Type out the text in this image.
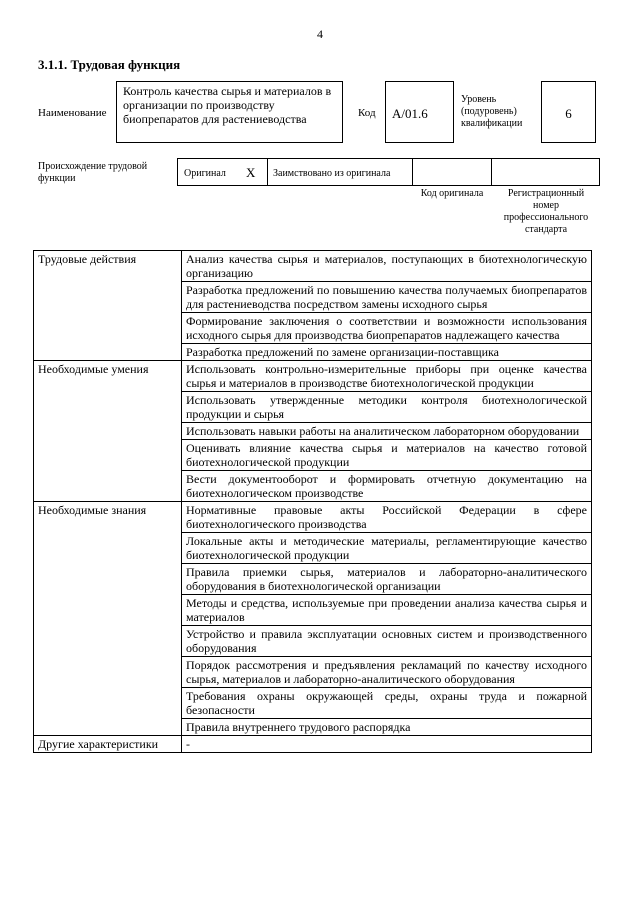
4
3.1.1. Трудовая функция
Наименование
Контроль качества сырья и материалов в организации по производству биопрепаратов для растениеводства	Код А/01.6
Уровень (подуровень) квалификации
6
Происхождение трудовой функции	Оригинал X Заимствовано из оригинала
Код оригинала	Регистрационный номер профессионального стандарта
Трудовые действия	Анализ качества сырья и материалов, поступающих в биотехнологическую организацию
	Разработка предложений по повышению качества получаемых биопрепаратов для растениеводства посредством замены исходного сырья
	Формирование заключения о соответствии и возможности использования исходного сырья для производства биопрепаратов надлежащего качества
	Разработка предложений по замене организации-поставщика
Необходимые умения	Использовать контрольно-измерительные приборы при оценке качества сырья и материалов в производстве биотехнологической продукции
	Использовать утвержденные методики контроля биотехнологической продукции и сырья
	Использовать навыки работы на аналитическом лабораторном оборудовании
	Оценивать влияние качества сырья и материалов на качество готовой биотехнологической продукции
	Вести документооборот и формировать отчетную документацию на биотехнологическом производстве
Необходимые знания	Нормативные правовые акты Российской Федерации в сфере биотехнологического производства
	Локальные акты и методические материалы, регламентирующие качество биотехнологической продукции
	Правила приемки сырья, материалов и лабораторно-аналитического оборудования в биотехнологической организации
	Методы и средства, используемые при проведении анализа качества сырья и материалов
	Устройство и правила эксплуатации основных систем и производственного оборудования
	Порядок рассмотрения и предъявления рекламаций по качеству исходного сырья, материалов и лабораторно-аналитического оборудования
	Требования охраны окружающей среды, охраны труда и пожарной безопасности
	Правила внутреннего трудового распорядка
Другие характеристики	-
